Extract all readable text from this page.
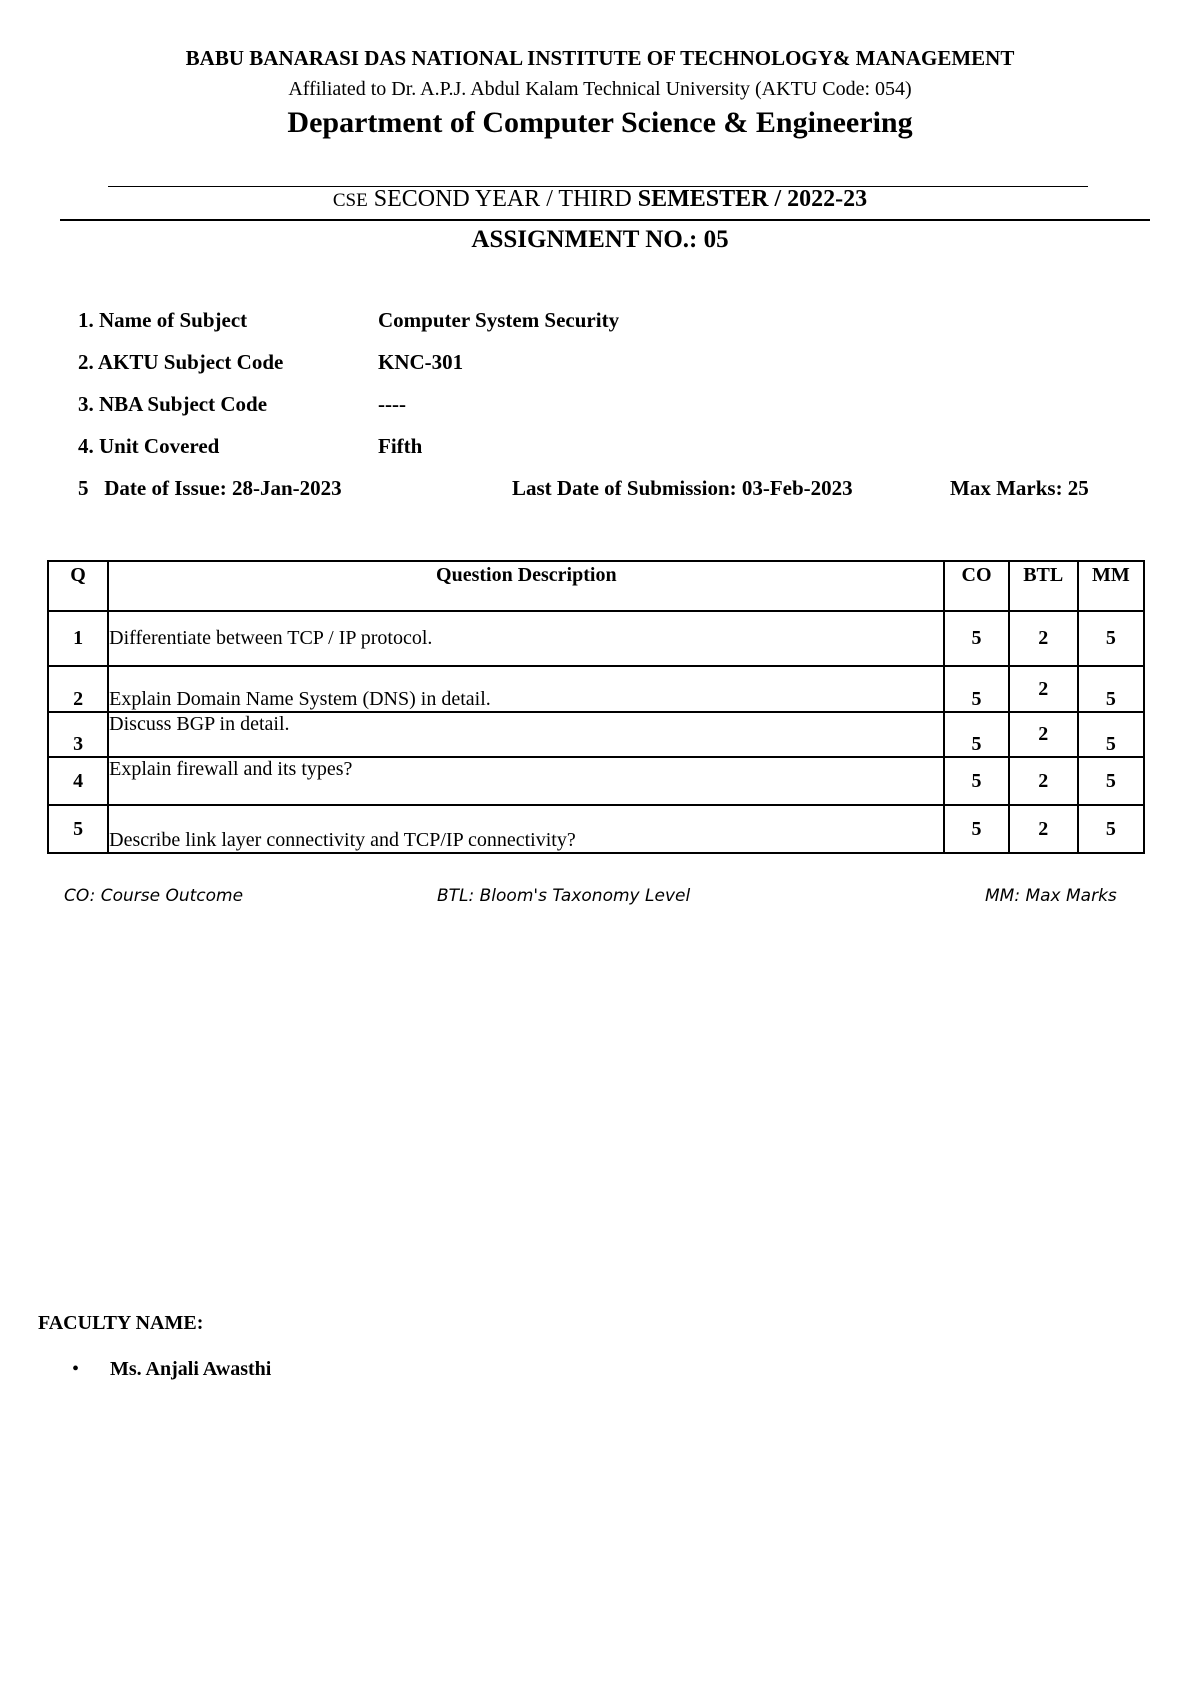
BABU BANARASI DAS NATIONAL INSTITUTE OF TECHNOLOGY& MANAGEMENT
Affiliated to Dr. A.P.J. Abdul Kalam Technical University (AKTU Code: 054)
Department of Computer Science & Engineering
CSE SECOND YEAR / THIRD SEMESTER / 2022-23
ASSIGNMENT NO.: 05
1. Name of Subject	Computer System Security
2. AKTU Subject Code	KNC-301
3. NBA Subject Code	----
4. Unit Covered	Fifth
5   Date of Issue: 28-Jan-2023	Last Date of Submission: 03-Feb-2023	Max Marks: 25
Q	Question Description	CO	BTL	MM
1	Differentiate between TCP / IP protocol.	5	2	5
2	Explain Domain Name System (DNS) in detail.	5	2	5
3	Discuss BGP in detail.	5	2	5
4	Explain firewall and its types?	5	2	5
5	Describe link layer connectivity and TCP/IP connectivity?	5	2	5
CO: Course Outcome	BTL: Bloom's Taxonomy Level	MM: Max Marks
FACULTY NAME:
• Ms. Anjali Awasthi
